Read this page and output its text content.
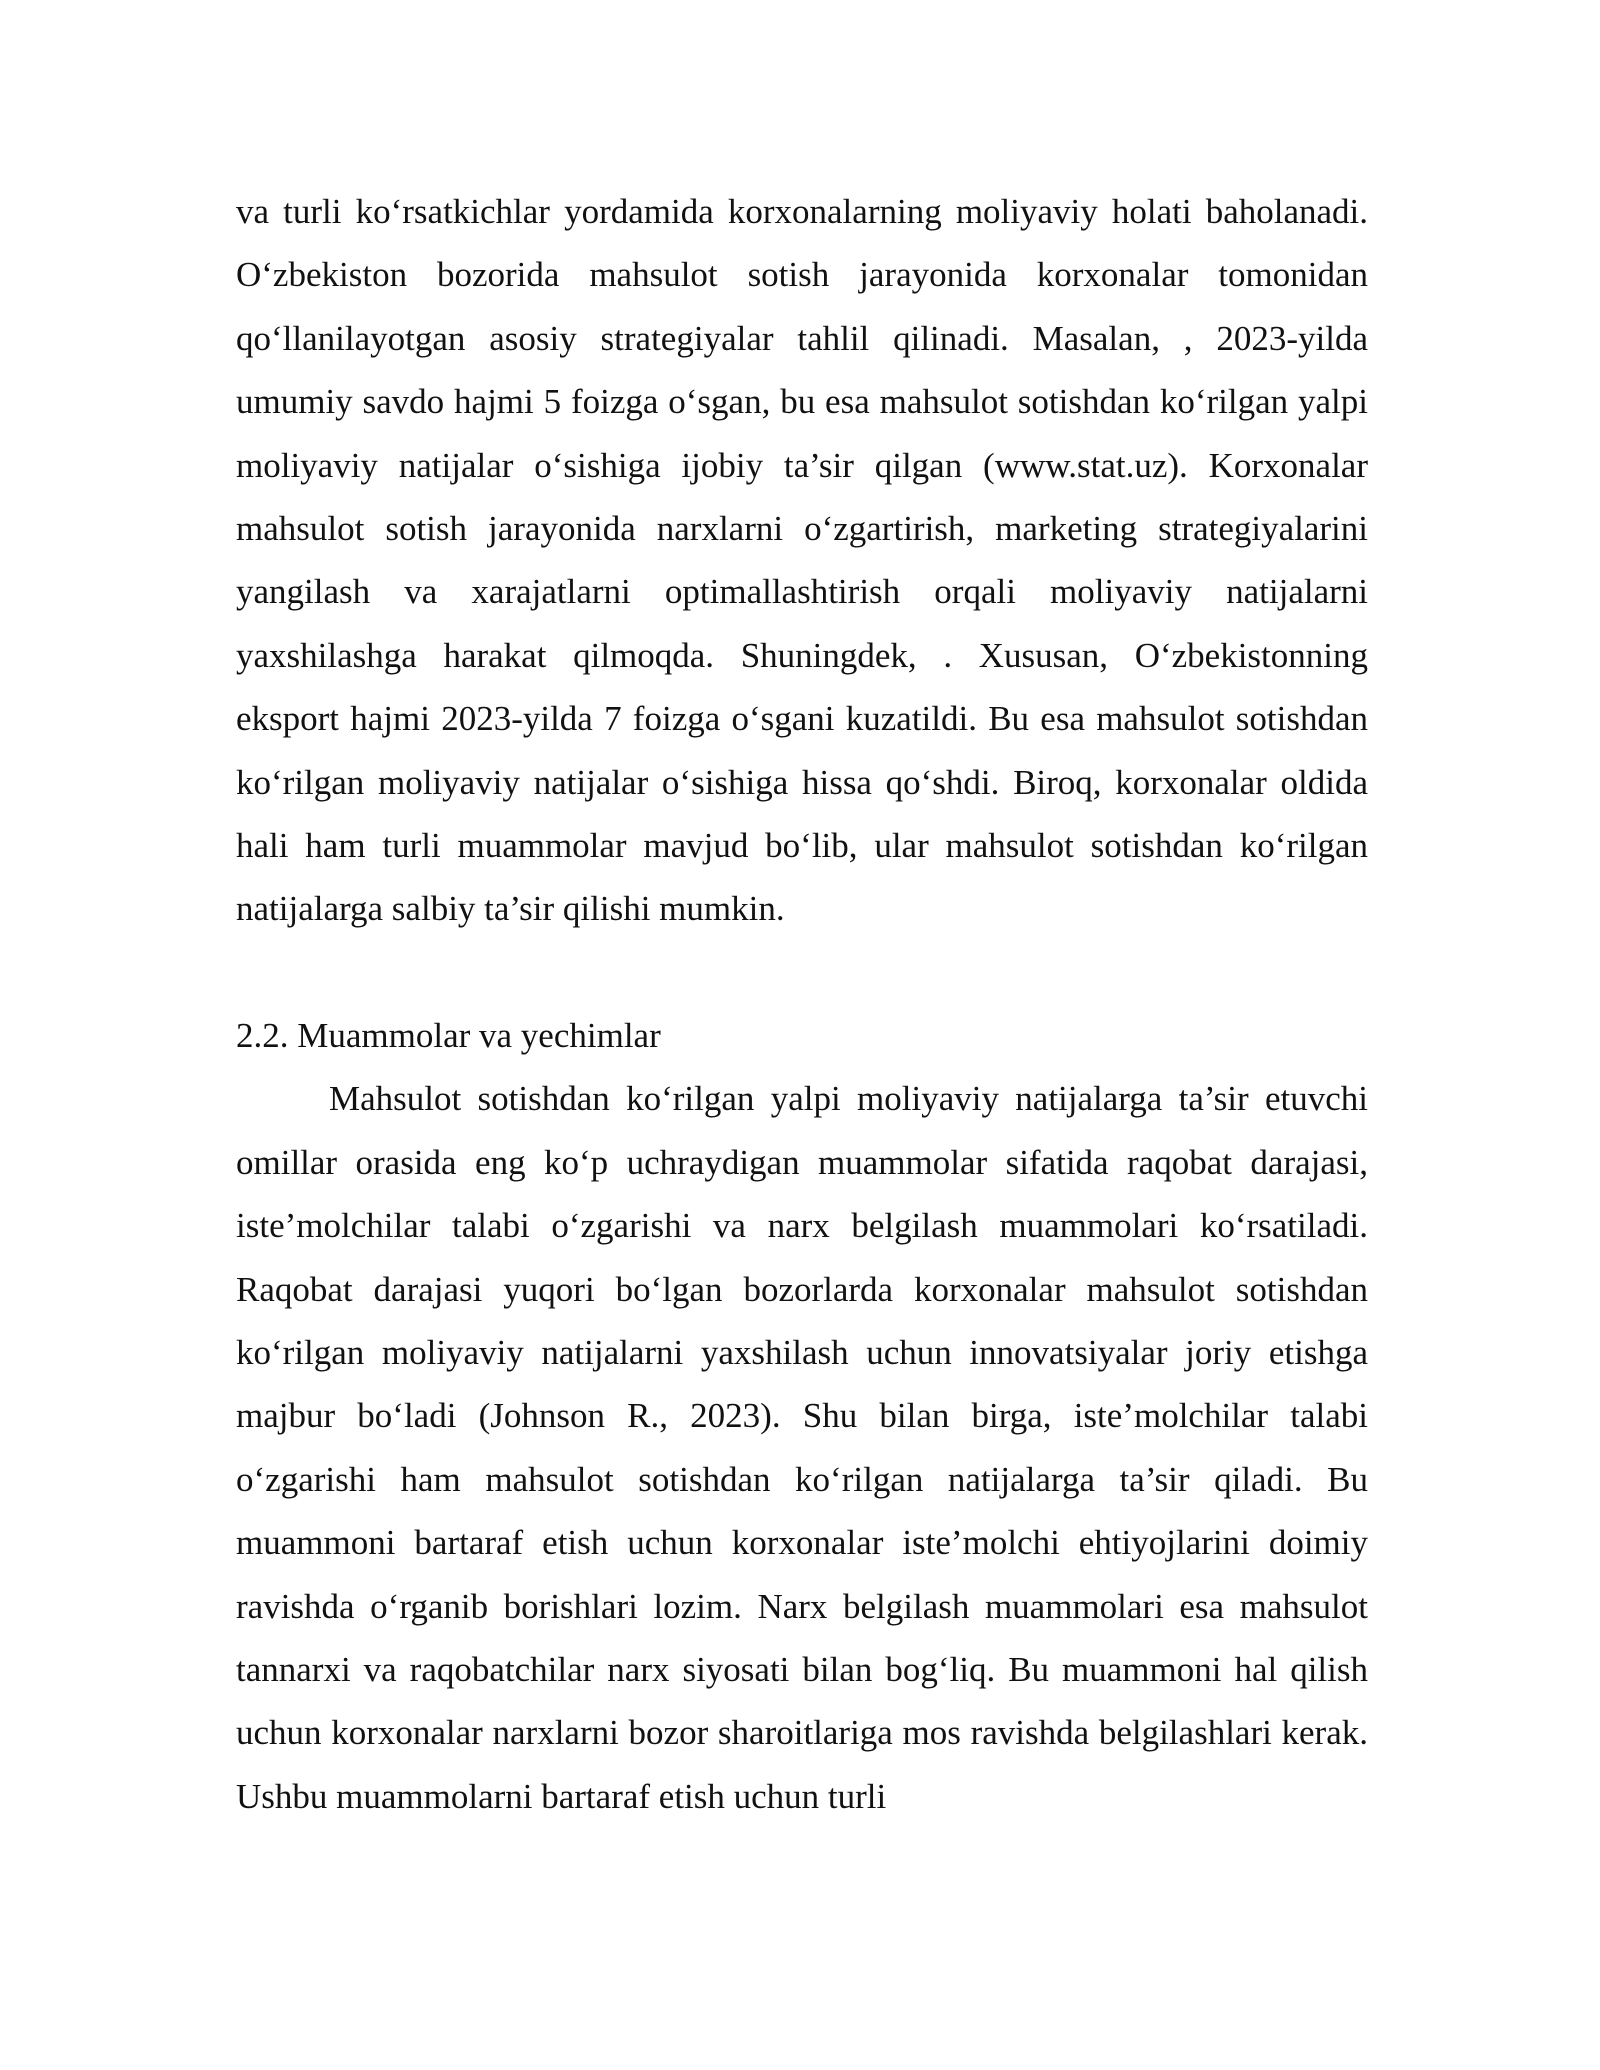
va turli ko‘rsatkichlar yordamida korxonalarning moliyaviy holati baholanadi. O‘zbekiston bozorida mahsulot sotish jarayonida korxonalar tomonidan qo‘llanilayotgan asosiy strategiyalar tahlil qilinadi. Masalan, , 2023-yilda umumiy savdo hajmi 5 foizga o‘sgan, bu esa mahsulot sotishdan ko‘rilgan yalpi moliyaviy natijalar o‘sishiga ijobiy ta’sir qilgan (www.stat.uz). Korxonalar mahsulot sotish jarayonida narxlarni o‘zgartirish, marketing strategiyalarini yangilash va xarajatlarni optimallashtirish orqali moliyaviy natijalarni yaxshilashga harakat qilmoqda. Shuningdek, . Xususan, O‘zbekistonning eksport hajmi 2023-yilda 7 foizga o‘sgani kuzatildi. Bu esa mahsulot sotishdan ko‘rilgan moliyaviy natijalar o‘sishiga hissa qo‘shdi. Biroq, korxonalar oldida hali ham turli muammolar mavjud bo‘lib, ular mahsulot sotishdan ko‘rilgan natijalarga salbiy ta’sir qilishi mumkin.

2.2. Muammolar va yechimlar

Mahsulot sotishdan ko‘rilgan yalpi moliyaviy natijalarga ta’sir etuvchi omillar orasida eng ko‘p uchraydigan muammolar sifatida raqobat darajasi, iste’molchilar talabi o‘zgarishi va narx belgilash muammolari ko‘rsatiladi. Raqobat darajasi yuqori bo‘lgan bozorlarda korxonalar mahsulot sotishdan ko‘rilgan moliyaviy natijalarni yaxshilash uchun innovatsiyalar joriy etishga majbur bo‘ladi (Johnson R., 2023). Shu bilan birga, iste’molchilar talabi o‘zgarishi ham mahsulot sotishdan ko‘rilgan natijalarga ta’sir qiladi. Bu muammoni bartaraf etish uchun korxonalar iste’molchi ehtiyojlarini doimiy ravishda o‘rganib borishlari lozim. Narx belgilash muammolari esa mahsulot tannarxi va raqobatchilar narx siyosati bilan bog‘liq. Bu muammoni hal qilish uchun korxonalar narxlarni bozor sharoitlariga mos ravishda belgilashlari kerak. Ushbu muammolarni bartaraf etish uchun turli
